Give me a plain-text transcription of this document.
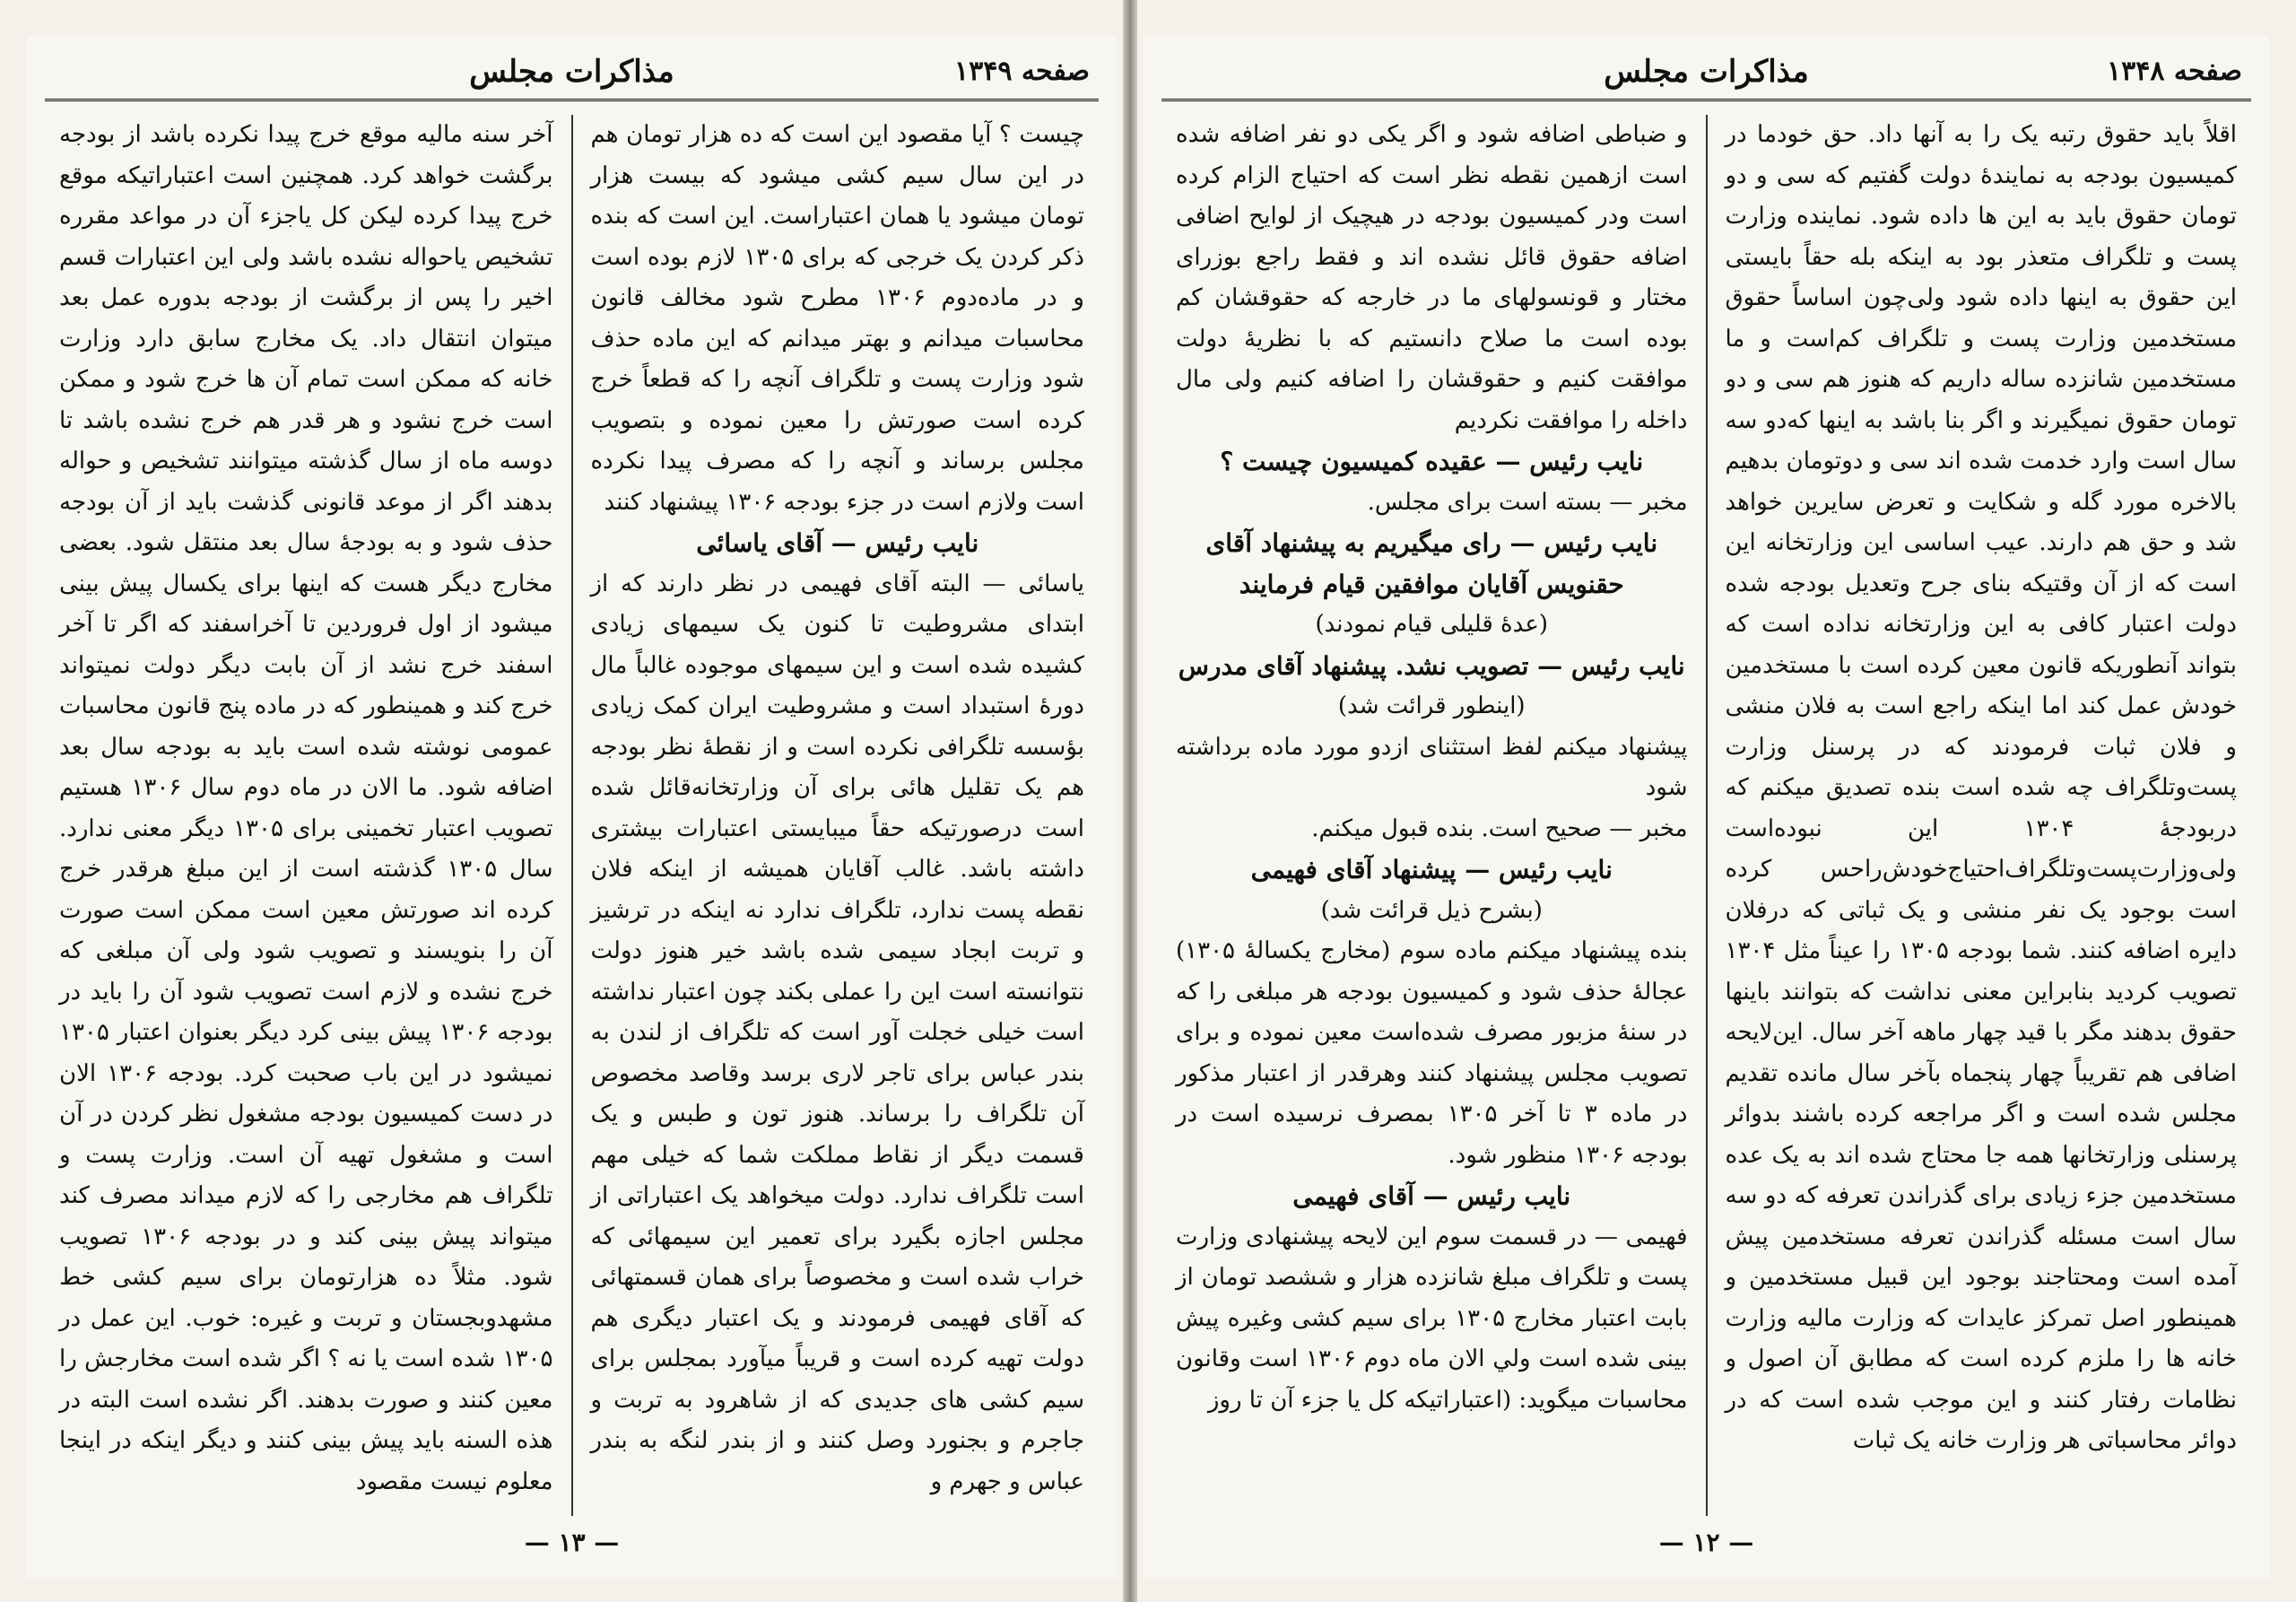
صفحه ۱۳۴۹
مذاکرات مجلس

چیست ؟ آیا مقصود این است که ده هزار تومان هم در این سال سیم کشی میشود که بیست هزار تومان میشود یا همان اعتباراست. این است که بنده ذکر کردن یک خرجی که برای ۱۳۰۵ لازم بوده است و در ماده‌دوم ۱۳۰۶ مطرح شود مخالف قانون محاسبات میدانم و بهتر میدانم که این ماده حذف شود وزارت پست و تلگراف آنچه را که قطعاً خرج کرده است صورتش را معین نموده و بتصویب مجلس برساند و آنچه را که مصرف پیدا نکرده است ولازم است در جزء بودجه ۱۳۰۶ پیشنهاد کنند

نایب رئیس — آقای یاسائی

یاسائی — البته آقای فهیمی در نظر دارند که از ابتدای مشروطیت تا کنون یک سیمهای زیادی کشیده شده است و این سیمهای موجوده غالباً مال دورهٔ استبداد است و مشروطیت ایران کمک زیادی بؤسسه تلگرافی نکرده است و از نقطهٔ نظر بودجه هم یک تقلیل هائی برای آن وزارتخانه‌قائل شده است درصورتیکه حقاً میبایستی اعتبارات بیشتری داشته باشد. غالب آقایان همیشه از اینکه فلان نقطه پست ندارد، تلگراف ندارد نه اینکه در ترشیز و تربت ابجاد سیمی شده باشد خیر هنوز دولت نتوانسته است این را عملی بکند چون اعتبار نداشته است خیلی خجلت آور است که تلگراف از لندن به بندر عباس برای تاجر لاری برسد وقاصد مخصوص آن تلگراف را برساند. هنوز تون و طبس و یک قسمت دیگر از نقاط مملکت شما که خیلی مهم است تلگراف ندارد. دولت میخواهد یک اعتباراتی از مجلس اجازه بگیرد برای تعمیر این سیمهائی که خراب شده است و مخصوصاً برای همان قسمتهائی که آقای فهیمی فرمودند و یک اعتبار دیگری هم دولت تهیه کرده است و قریباً میآورد بمجلس برای سیم کشی های جدیدی که از شاهرود به تربت و جاجرم و بجنورد وصل کنند و از بندر لنگه به بندر عباس و جهرم و

آخر سنه مالیه موقع خرج پیدا نکرده باشد از بودجه برگشت خواهد کرد. همچنین است اعتباراتیکه موقع خرج پیدا کرده لیکن کل یاجزء آن در مواعد مقرره تشخیص یاحواله نشده باشد ولی این اعتبارات قسم اخیر را پس از برگشت از بودجه بدوره عمل بعد میتوان انتقال داد. یک مخارج سابق دارد وزارت خانه که ممکن است تمام آن ها خرج شود و ممکن است خرج نشود و هر قدر هم خرج نشده باشد تا دوسه ماه از سال گذشته میتوانند تشخیص و حواله بدهند اگر از موعد قانونی گذشت باید از آن بودجه حذف شود و به بودجهٔ سال بعد منتقل شود. بعضی مخارج دیگر هست که اینها برای یکسال پیش بینی میشود از اول فروردین تا آخراسفند که اگر تا آخر اسفند خرج نشد از آن بابت دیگر دولت نمیتواند خرج کند و همینطور که در ماده پنج قانون محاسبات عمومی نوشته شده است باید به بودجه سال بعد اضافه شود. ما الان در ماه دوم سال ۱۳۰۶ هستیم تصویب اعتبار تخمینی برای ۱۳۰۵ دیگر معنی ندارد. سال ۱۳۰۵ گذشته است از این مبلغ هرقدر خرج کرده اند صورتش معین است ممکن است صورت آن را بنویسند و تصویب شود ولی آن مبلغی که خرج نشده و لازم است تصویب شود آن را باید در بودجه ۱۳۰۶ پیش بینی کرد دیگر بعنوان اعتبار ۱۳۰۵ نمیشود در این باب صحبت کرد. بودجه ۱۳۰۶ الان در دست کمیسیون بودجه مشغول نظر کردن در آن است و مشغول تهیه آن است. وزارت پست و تلگراف هم مخارجی را که لازم میداند مصرف کند میتواند پیش بینی کند و در بودجه ۱۳۰۶ تصویب شود. مثلاً ده هزارتومان برای سیم کشی خط مشهدوبجستان و تربت و غیره: خوب. این عمل در ۱۳۰۵ شده است یا نه ؟ اگر شده است مخارجش را معین کنند و صورت بدهند. اگر نشده است البته در هذه السنه باید پیش بینی کنند و دیگر اینکه در اینجا معلوم نیست مقصود

— ۱۳ —
صفحه ۱۳۴۸
مذاکرات مجلس

اقلاً باید حقوق رتبه یک را به آنها داد. حق خودما در کمیسیون بودجه به نمایندهٔ دولت گفتیم که سی و دو تومان حقوق باید به این ها داده شود. نماینده وزارت پست و تلگراف متعذر بود به اینکه بله حقاً بایستی این حقوق به اینها داده شود ولی‌چون اساساً حقوق مستخدمین وزارت پست و تلگراف کم‌است و ما مستخدمین شانزده ساله داریم که هنوز هم سی و دو تومان حقوق نمیگیرند و اگر بنا باشد به اینها که‌دو سه سال است وارد خدمت شده اند سی و دوتومان بدهیم بالاخره مورد گله و شکایت و تعرض سایرین خواهد شد و حق هم دارند. عیب اساسی این وزارتخانه این است که از آن وقتیکه بنای جرح وتعدیل بودجه شده دولت اعتبار کافی به این وزارتخانه نداده است که بتواند آنطوریکه قانون معین کرده است با مستخدمین خودش عمل کند اما اینکه راجع است به فلان منشی و فلان ثبات فرمودند که در پرسنل وزارت پست‌وتلگراف چه شده است بنده تصدیق میکنم که دربودجهٔ ۱۳۰۴ این نبوده‌است ولی‌وزارت‌پست‌وتلگراف‌احتیاج‌خودش‌را‌حس کرده است بوجود یک نفر منشی و یک ثباتی که درفلان دایره اضافه کنند. شما بودجه ۱۳۰۵ را عیناً مثل ۱۳۰۴ تصویب کردید بنابراین معنی نداشت که بتوانند باینها حقوق بدهند مگر با قید چهار ماهه آخر سال. این‌لایحه اضافی هم تقریباً چهار پنجماه بآخر سال مانده تقدیم مجلس شده است و اگر مراجعه کرده باشند بدوائر پرسنلی وزارتخانها همه جا محتاج شده اند به یک عده مستخدمین جزء زیادی برای گذراندن تعرفه که دو سه سال است مسئله گذراندن تعرفه مستخدمین پیش آمده است ومحتاجند بوجود این قبیل مستخدمین و همینطور اصل تمرکز عایدات که وزارت مالیه وزارت خانه ها را ملزم کرده است که مطابق آن اصول و نظامات رفتار کنند و این موجب شده است که در دوائر محاسباتی هر وزارت خانه یک ثبات

و ضباطی اضافه شود و اگر یکی دو نفر اضافه شده است ازهمین نقطه نظر است که احتیاج الزام کرده است ودر کمیسیون بودجه در هیچیک از لوایح اضافی اضافه حقوق قائل نشده اند و فقط راجع بوزرای مختار و قونسولهای ما در خارجه که حقوقشان کم بوده است ما صلاح دانستیم که با نظریهٔ دولت موافقت کنیم و حقوقشان را اضافه کنیم ولی مال داخله را موافقت نکردیم

نایب رئیس — عقیده کمیسیون چیست ؟

مخبر — بسته است برای مجلس.

نایب رئیس — رای میگیریم به پیشنهاد آقای حقنویس آقایان موافقین قیام فرمایند

(عدهٔ قلیلی قیام نمودند)

نایب رئیس — تصویب نشد. پیشنهاد آقای مدرس

(اینطور قرائت شد)

پیشنهاد میکنم لفظ استثنای ازدو مورد ماده برداشته شود

مخبر — صحیح است. بنده قبول میکنم.

نایب رئیس — پیشنهاد آقای فهیمی

(بشرح ذیل قرائت شد)

بنده پیشنهاد میکنم ماده سوم (مخارج یکسالهٔ ۱۳۰۵) عجالهٔ حذف شود و کمیسیون بودجه هر مبلغی را که در سنهٔ مزبور مصرف شده‌است معین نموده و برای تصویب مجلس پیشنهاد کنند وهرقدر از اعتبار مذکور در ماده ۳ تا آخر ۱۳۰۵ بمصرف نرسیده است در بودجه ۱۳۰۶ منظور شود.

نایب رئیس — آقای فهیمی

فهیمی — در قسمت سوم این لایحه پیشنهادی وزارت پست و تلگراف مبلغ شانزده هزار و ششصد تومان از بابت اعتبار مخارج ۱۳۰۵ برای سیم کشی وغیره پیش بینی شده است ولي الان ماه دوم ۱۳۰۶ است وقانون محاسبات میگوید: (اعتباراتیکه کل یا جزء آن تا روز

— ۱۲ —
